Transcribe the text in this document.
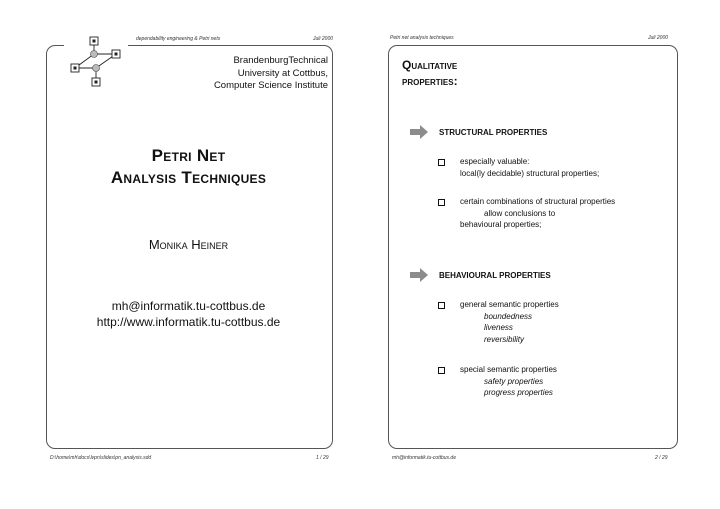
dependability engineering & Petri nets	Juli 2000
BrandenburgTechnical
University at Cottbus,
Computer Science Institute
Petri Net
Analysis Techniques
Monika Heiner
mh@informatik.tu-cottbus.de
http://www.informatik.tu-cottbus.de
D:\home\mh\docs\lvpn\slides\pn_analysis.sdd	1 / 29
Petri net analysis techniques	Juli 2000
Qualitative
properties:
STRUCTURAL PROPERTIES
especially valuable:
local(ly decidable) structural properties;
certain combinations of structural properties
allow conclusions to
behavioural properties;
BEHAVIOURAL PROPERTIES
general semantic properties
boundedness
liveness
reversibility
special semantic properties
safety properties
progress properties
mh@informatik.tu-cottbus.de	2 / 29
